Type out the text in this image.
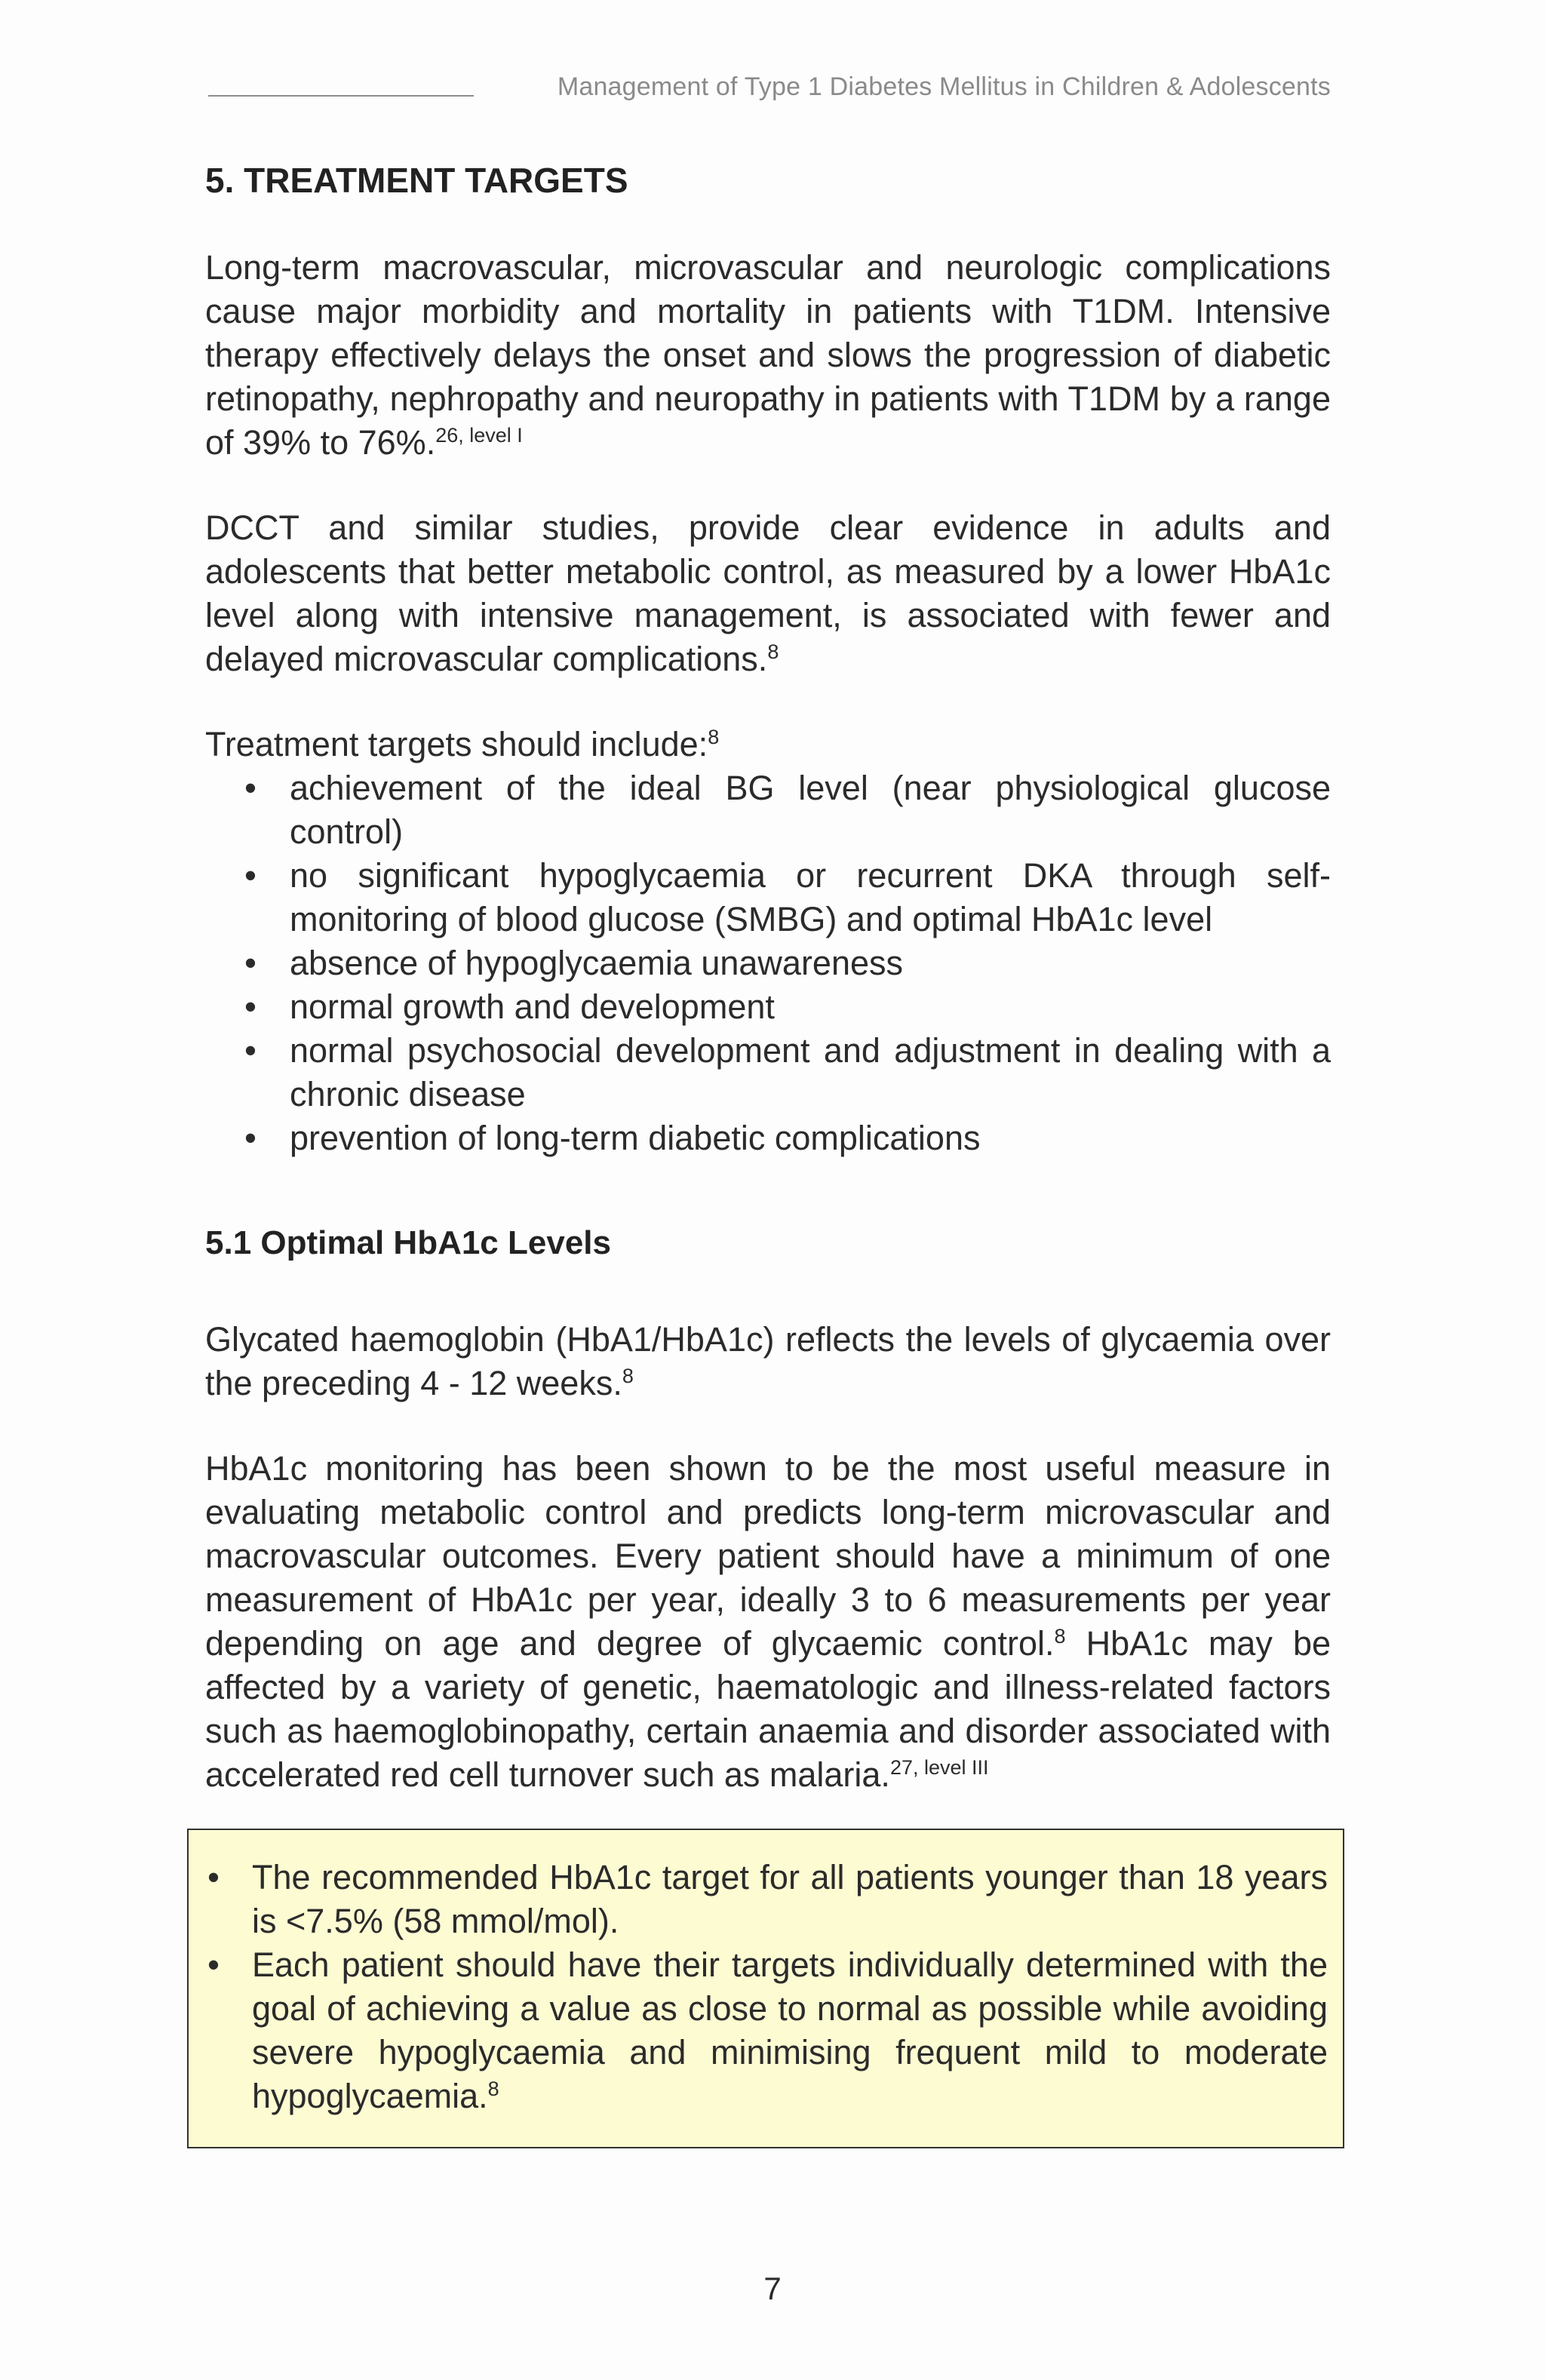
Management of Type 1 Diabetes Mellitus in Children & Adolescents
5. TREATMENT TARGETS

Long-term macrovascular, microvascular and neurologic complications cause major morbidity and mortality in patients with T1DM. Intensive therapy effectively delays the onset and slows the progression of diabetic retinopathy, nephropathy and neuropathy in patients with T1DM by a range of 39% to 76%.$^{26, level I}$

DCCT and similar studies, provide clear evidence in adults and adolescents that better metabolic control, as measured by a lower HbA1c level along with intensive management, is associated with fewer and delayed microvascular complications.$^8$

Treatment targets should include:$^8$

• achievement of the ideal BG level (near physiological glucose control)
• no significant hypoglycaemia or recurrent DKA through self-monitoring of blood glucose (SMBG) and optimal HbA1c level
• absence of hypoglycaemia unawareness
• normal growth and development
• normal psychosocial development and adjustment in dealing with a chronic disease
• prevention of long-term diabetic complications
5.1 Optimal HbA1c Levels

Glycated haemoglobin (HbA1/HbA1c) reflects the levels of glycaemia over the preceding 4 - 12 weeks.$^8$

HbA1c monitoring has been shown to be the most useful measure in evaluating metabolic control and predicts long-term microvascular and macrovascular outcomes. Every patient should have a minimum of one measurement of HbA1c per year, ideally 3 to 6 measurements per year depending on age and degree of glycaemic control.$^8$ HbA1c may be affected by a variety of genetic, haematologic and illness-related factors such as haemoglobinopathy, certain anaemia and disorder associated with accelerated red cell turnover such as malaria.$^{27, level III}$

• The recommended HbA1c target for all patients younger than 18 years is <7.5% (58 mmol/mol).
• Each patient should have their targets individually determined with the goal of achieving a value as close to normal as possible while avoiding severe hypoglycaemia and minimising frequent mild to moderate hypoglycaemia.$^8$
7
